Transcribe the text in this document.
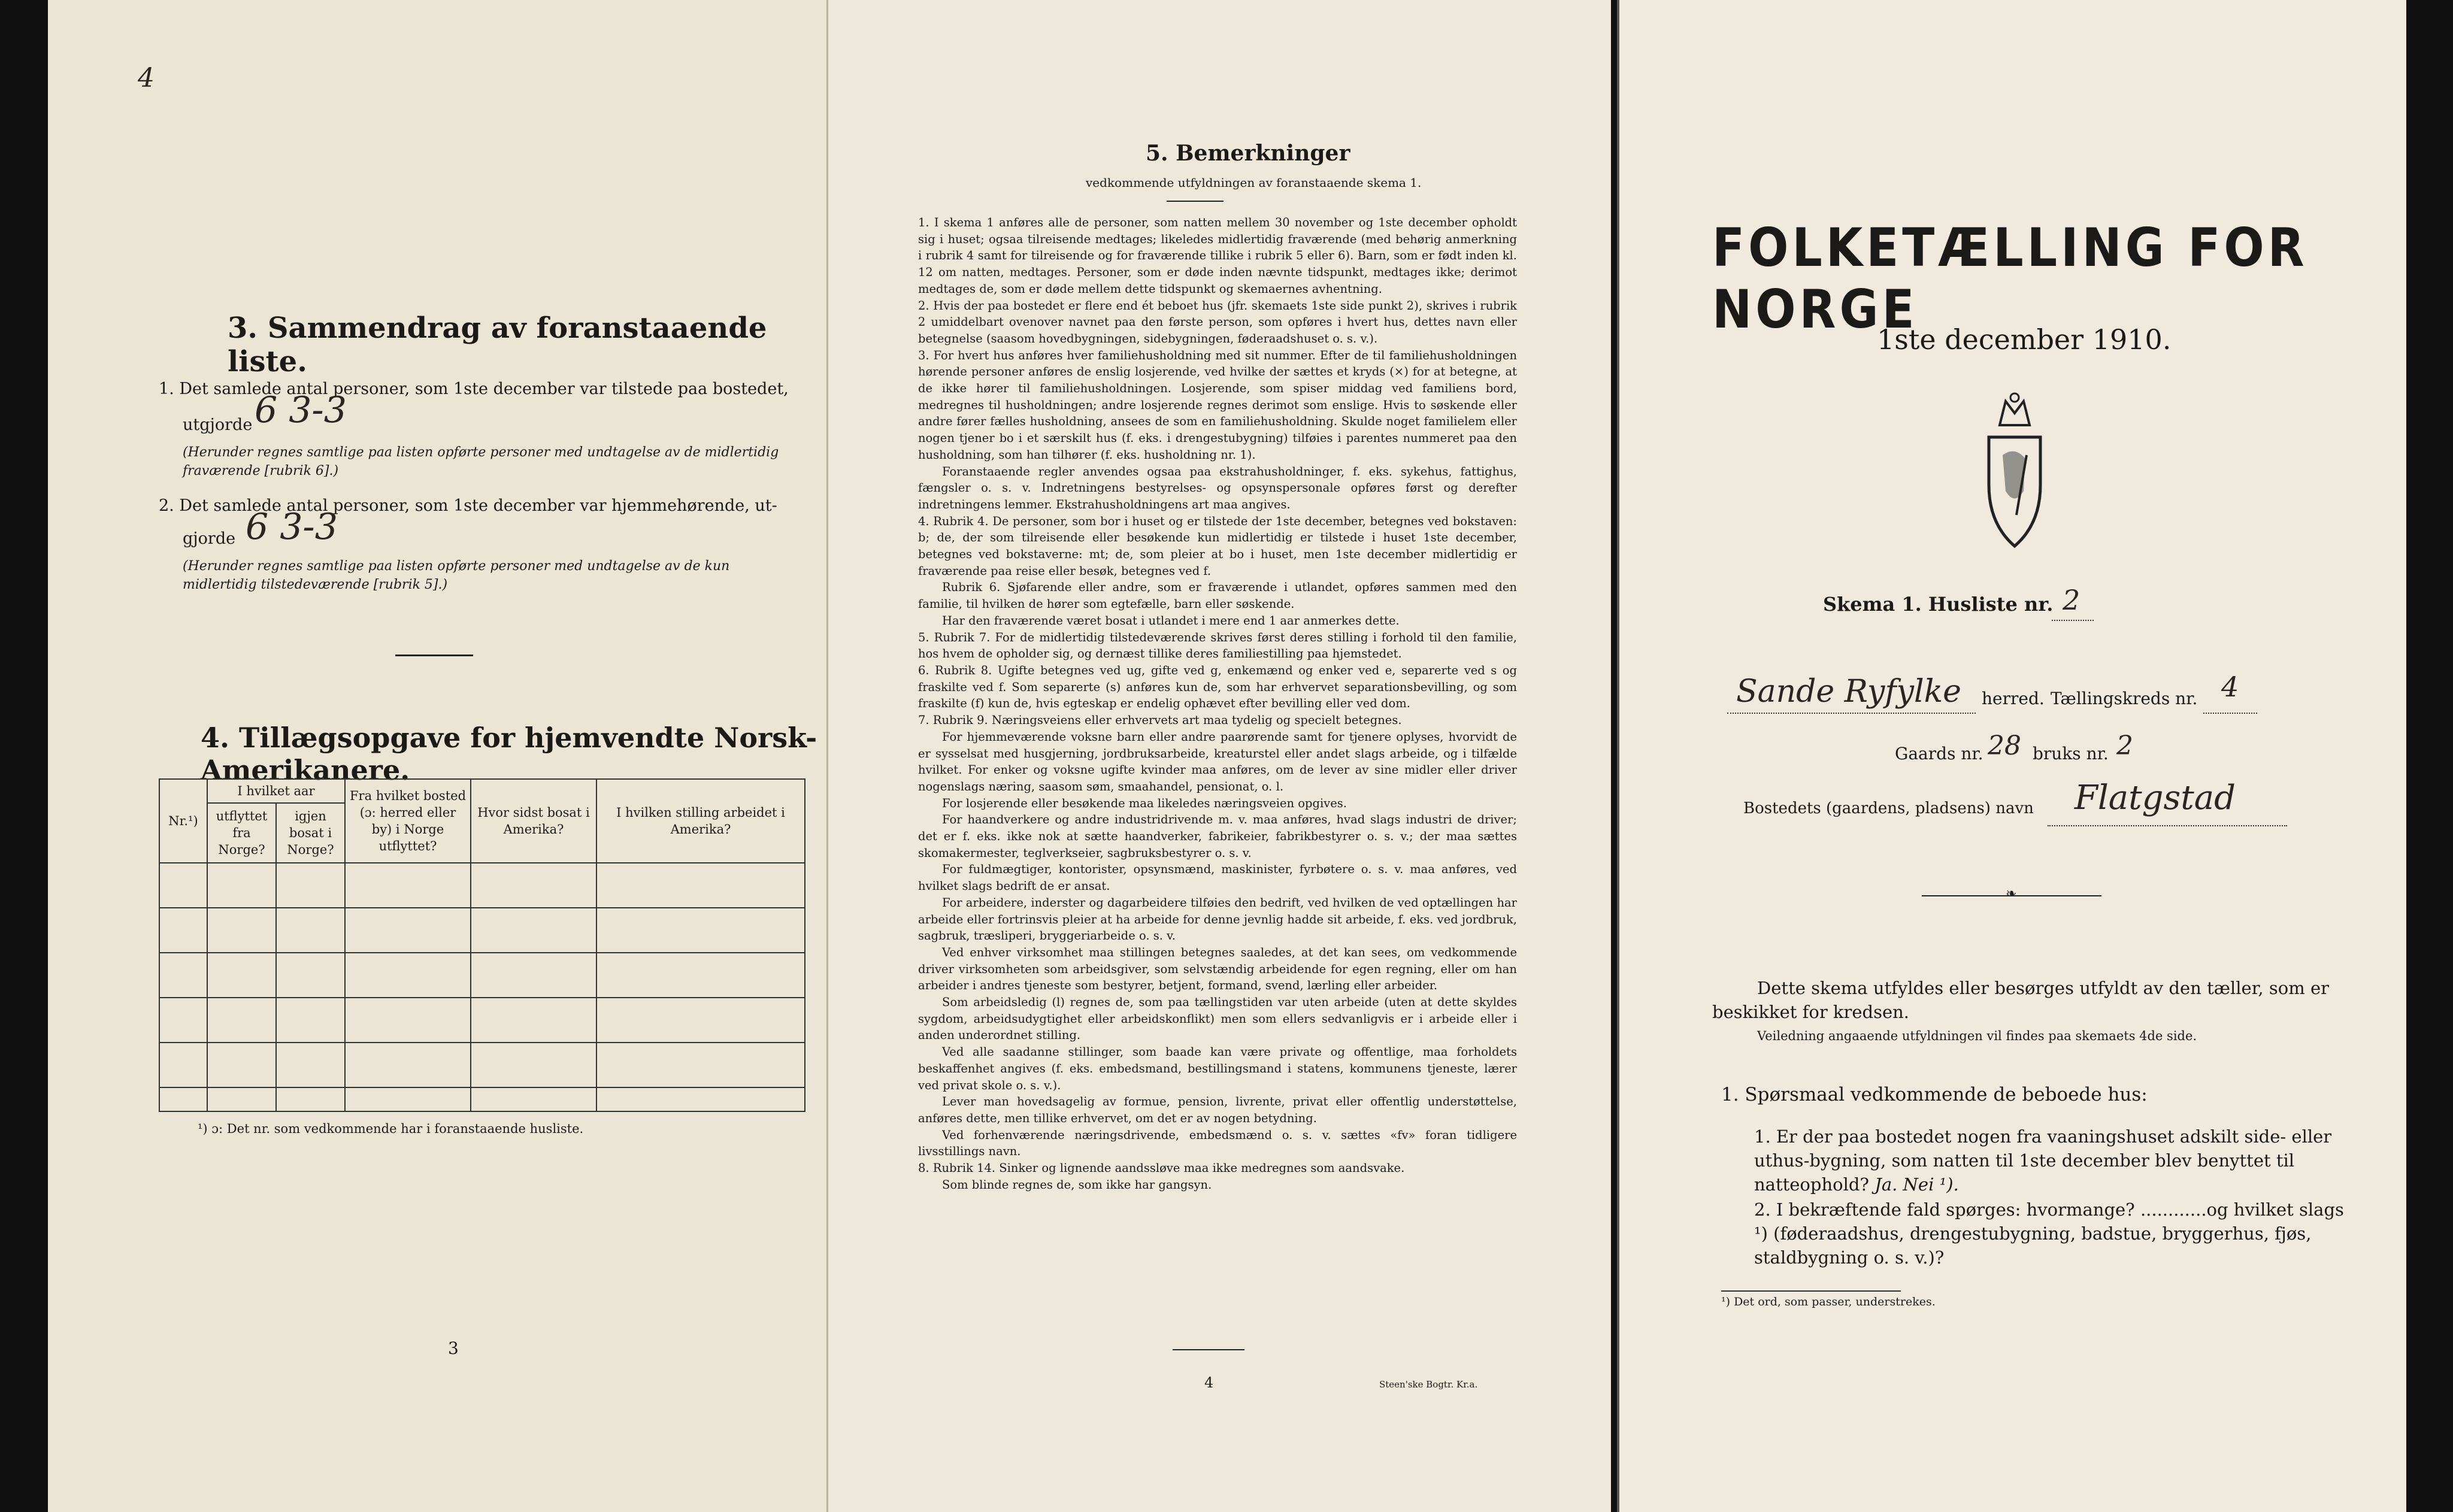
4
3. Sammendrag av foranstaaende liste.
1. Det samlede antal personer, som 1ste december var tilstede paa bostedet,
utgjorde 6 3-3
(Herunder regnes samtlige paa listen opførte personer med undtagelse av de midlertidig fraværende [rubrik 6].)
2. Det samlede antal personer, som 1ste december var hjemmehørende, ut-
gjorde 6 3-3
(Herunder regnes samtlige paa listen opførte personer med undtagelse av de kun midlertidig tilstedeværende [rubrik 5].)
4. Tillægsopgave for hjemvendte Norsk-Amerikanere.
Nr.¹)	I hvilket aar		Fra hvilket bosted (ɔ: herred eller by) i Norge utflyttet?	Hvor sidst bosat i Amerika?	I hvilken stilling arbeidet i Amerika?
	utflyttet fra Norge?	igjen bosat i Norge?			

¹) ɔ: Det nr. som vedkommende har i foranstaaende husliste.
3
5. Bemerkninger
vedkommende utfyldningen av foranstaaende skema 1.
1. I skema 1 anføres alle de personer, som natten mellem 30 november og 1ste december opholdt sig i huset; ogsaa tilreisende medtages; likeledes midlertidig fraværende (med behørig anmerkning i rubrik 4 samt for tilreisende og for fraværende tillike i rubrik 5 eller 6). Barn, som er født inden kl. 12 om natten, medtages. Personer, som er døde inden nævnte tidspunkt, medtages ikke; derimot medtages de, som er døde mellem dette tidspunkt og skemaernes avhentning.
2. Hvis der paa bostedet er flere end ét beboet hus (jfr. skemaets 1ste side punkt 2), skrives i rubrik 2 umiddelbart ovenover navnet paa den første person, som opføres i hvert hus, dettes navn eller betegnelse (saasom hovedbygningen, sidebygningen, føderaadshuset o. s. v.).
3. For hvert hus anføres hver familiehusholdning med sit nummer. Efter de til familiehusholdningen hørende personer anføres de enslig losjerende, ved hvilke der sættes et kryds (×) for at betegne, at de ikke hører til familiehusholdningen. Losjerende, som spiser middag ved familiens bord, medregnes til husholdningen; andre losjerende regnes derimot som enslige. Hvis to søskende eller andre fører fælles husholdning, ansees de som en familiehusholdning. Skulde noget familielem eller nogen tjener bo i et særskilt hus (f. eks. i drengestubygning) tilføies i parentes nummeret paa den husholdning, som han tilhører (f. eks. husholdning nr. 1).
Foranstaaende regler anvendes ogsaa paa ekstrahusholdninger, f. eks. sykehus, fattighus, fængsler o. s. v. Indretningens bestyrelses- og opsynspersonale opføres først og derefter indretningens lemmer. Ekstrahusholdningens art maa angives.
4. Rubrik 4. De personer, som bor i huset og er tilstede der 1ste december, betegnes ved bokstaven: b; de, der som tilreisende eller besøkende kun midlertidig er tilstede i huset 1ste december, betegnes ved bokstaverne: mt; de, som pleier at bo i huset, men 1ste december midlertidig er fraværende paa reise eller besøk, betegnes ved f.
Rubrik 6. Sjøfarende eller andre, som er fraværende i utlandet, opføres sammen med den familie, til hvilken de hører som egtefælle, barn eller søskende.
Har den fraværende været bosat i utlandet i mere end 1 aar anmerkes dette.
5. Rubrik 7. For de midlertidig tilstedeværende skrives først deres stilling i forhold til den familie, hos hvem de opholder sig, og dernæst tillike deres familiestilling paa hjemstedet.
6. Rubrik 8. Ugifte betegnes ved ug, gifte ved g, enkemænd og enker ved e, separerte ved s og fraskilte ved f. Som separerte (s) anføres kun de, som har erhvervet separationsbevilling, og som fraskilte (f) kun de, hvis egteskap er endelig ophævet efter bevilling eller ved dom.
7. Rubrik 9. Næringsveiens eller erhvervets art maa tydelig og specielt betegnes.
For hjemmeværende voksne barn eller andre paarørende samt for tjenere oplyses, hvorvidt de er sysselsat med husgjerning, jordbruksarbeide, kreaturstel eller andet slags arbeide, og i tilfælde hvilket. For enker og voksne ugifte kvinder maa anføres, om de lever av sine midler eller driver nogenslags næring, saasom søm, smaahandel, pensionat, o. l.
For losjerende eller besøkende maa likeledes næringsveien opgives.
For haandverkere og andre industridrivende m. v. maa anføres, hvad slags industri de driver; det er f. eks. ikke nok at sætte haandverker, fabrikeier, fabrikbestyrer o. s. v.; der maa sættes skomakermester, teglverkseier, sagbruksbestyrer o. s. v.
For fuldmægtiger, kontorister, opsynsmænd, maskinister, fyrbøtere o. s. v. maa anføres, ved hvilket slags bedrift de er ansat.
For arbeidere, inderster og dagarbeidere tilføies den bedrift, ved hvilken de ved optællingen har arbeide eller fortrinsvis pleier at ha arbeide for denne jevnlig hadde sit arbeide, f. eks. ved jordbruk, sagbruk, træsliperi, bryggeriarbeide o. s. v.
Ved enhver virksomhet maa stillingen betegnes saaledes, at det kan sees, om vedkommende driver virksomheten som arbeidsgiver, som selvstændig arbeidende for egen regning, eller om han arbeider i andres tjeneste som bestyrer, betjent, formand, svend, lærling eller arbeider.
Som arbeidsledig (l) regnes de, som paa tællingstiden var uten arbeide (uten at dette skyldes sygdom, arbeidsudygtighet eller arbeidskonflikt) men som ellers sedvanligvis er i arbeide eller i anden underordnet stilling.
Ved alle saadanne stillinger, som baade kan være private og offentlige, maa forholdets beskaffenhet angives (f. eks. embedsmand, bestillingsmand i statens, kommunens tjeneste, lærer ved privat skole o. s. v.).
Lever man hovedsagelig av formue, pension, livrente, privat eller offentlig understøttelse, anføres dette, men tillike erhvervet, om det er av nogen betydning.
Ved forhenværende næringsdrivende, embedsmænd o. s. v. sættes «fv» foran tidligere livsstillings navn.
8. Rubrik 14. Sinker og lignende aandssløve maa ikke medregnes som aandsvake.
Som blinde regnes de, som ikke har gangsyn.
4	Steen'ske Bogtr. Kr.a.
FOLKETÆLLING FOR NORGE
1ste december 1910.
Skema 1. Husliste nr. 2
Sande Ryfylke herred. Tællingskreds nr. 4
Gaards nr. 28 bruks nr. 2
Bostedets (gaardens, pladsens) navn Flatgstad
❧
Dette skema utfyldes eller besørges utfyldt av den tæller, som er beskikket for kredsen.
Veiledning angaaende utfyldningen vil findes paa skemaets 4de side.
1. Spørsmaal vedkommende de beboede hus:
1. Er der paa bostedet nogen fra vaaningshuset adskilt side- eller uthus-bygning, som natten til 1ste december blev benyttet til natteophold? Ja. Nei ¹).
2. I bekræftende fald spørges: hvormange? ............og hvilket slags ¹) (føderaadshus, drengestubygning, badstue, bryggerhus, fjøs, staldbygning o. s. v.)?
¹) Det ord, som passer, understrekes.
